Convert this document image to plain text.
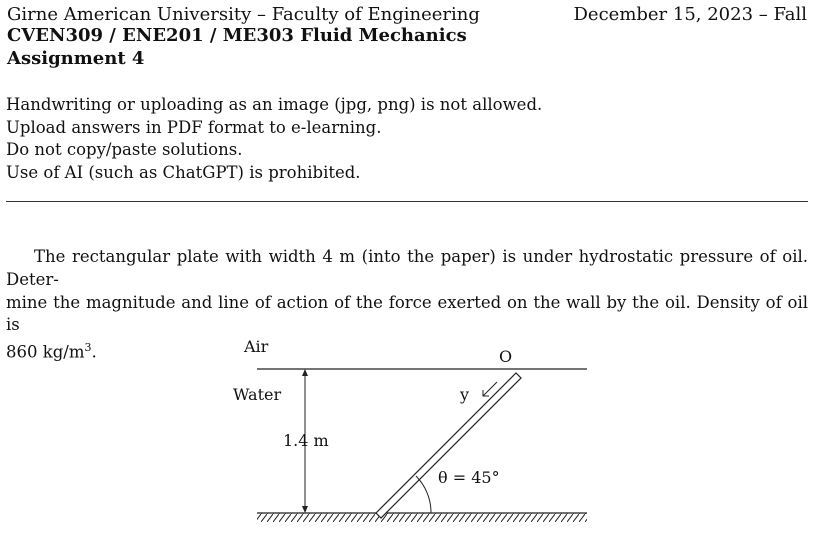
Girne American University – Faculty of Engineering	December 15, 2023 – Fall
CVEN309 / ENE201 / ME303 Fluid Mechanics
Assignment 4
Handwriting or uploading as an image (jpg, png) is not allowed.
Upload answers in PDF format to e-learning.
Do not copy/paste solutions.
Use of AI (such as ChatGPT) is prohibited.
The rectangular plate with width 4 m (into the paper) is under hydrostatic pressure of oil. Deter-
mine the magnitude and line of action of the force exerted on the wall by the oil. Density of oil is
860 $kg/m^3$.	Air
Water
O
y
1.4 m
θ = 45°
